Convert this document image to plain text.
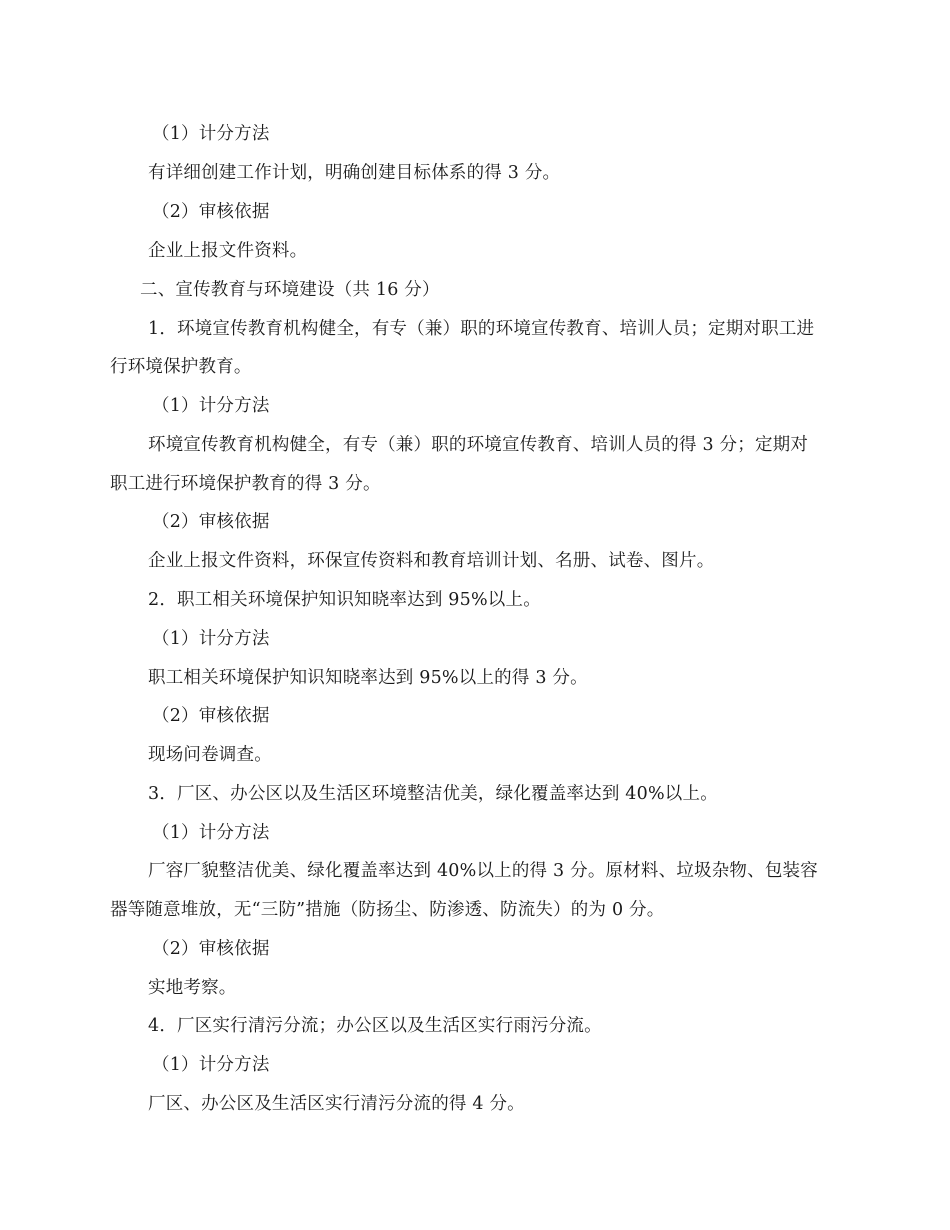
（1）计分方法
有详细创建工作计划，明确创建目标体系的得 3 分。
（2）审核依据
企业上报文件资料。
二、宣传教育与环境建设（共 16 分）
1．环境宣传教育机构健全，有专（兼）职的环境宣传教育、培训人员；定期对职工进
行环境保护教育。
（1）计分方法
环境宣传教育机构健全，有专（兼）职的环境宣传教育、培训人员的得 3 分；定期对
职工进行环境保护教育的得 3 分。
（2）审核依据
企业上报文件资料，环保宣传资料和教育培训计划、名册、试卷、图片。
2．职工相关环境保护知识知晓率达到 95%以上。
（1）计分方法
职工相关环境保护知识知晓率达到 95%以上的得 3 分。
（2）审核依据
现场问卷调查。
3．厂区、办公区以及生活区环境整洁优美，绿化覆盖率达到 40%以上。
（1）计分方法
厂容厂貌整洁优美、绿化覆盖率达到 40%以上的得 3 分。原材料、垃圾杂物、包装容
器等随意堆放，无“三防”措施（防扬尘、防渗透、防流失）的为 0 分。
（2）审核依据
实地考察。
4．厂区实行清污分流；办公区以及生活区实行雨污分流。
（1）计分方法
厂区、办公区及生活区实行清污分流的得 4 分。
